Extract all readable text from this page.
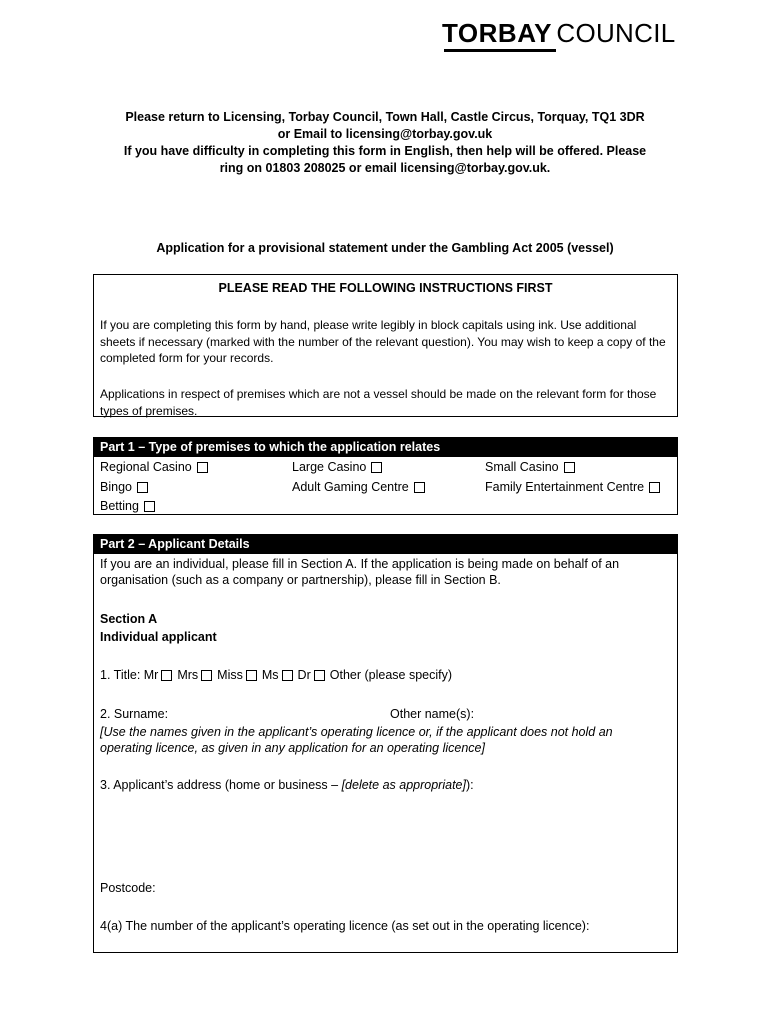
TORBAY COUNCIL
Please return to Licensing, Torbay Council, Town Hall, Castle Circus, Torquay, TQ1 3DR
or Email to licensing@torbay.gov.uk
If you have difficulty in completing this form in English, then help will be offered. Please
ring on 01803 208025 or email licensing@torbay.gov.uk.
Application for a provisional statement under the Gambling Act 2005 (vessel)
PLEASE READ THE FOLLOWING INSTRUCTIONS FIRST

If you are completing this form by hand, please write legibly in block capitals using ink. Use additional sheets if necessary (marked with the number of the relevant question). You may wish to keep a copy of the completed form for your records.

Applications in respect of premises which are not a vessel should be made on the relevant form for those types of premises.

Part 1 – Type of premises to which the application relates
Regional Casino	Large Casino	Small Casino
Bingo	Adult Gaming Centre	Family Entertainment Centre
Betting
Part 2 – Applicant Details
If you are an individual, please fill in Section A. If the application is being made on behalf of an
organisation (such as a company or partnership), please fill in Section B.
Section A
Individual applicant
1. Title: Mr Mrs Miss Ms Dr Other (please specify)
2. Surname:	Other name(s):
[Use the names given in the applicant’s operating licence or, if the applicant does not hold an
operating licence, as given in any application for an operating licence]
3. Applicant’s address (home or business – [delete as appropriate]):
Postcode:
4(a) The number of the applicant’s operating licence (as set out in the operating licence):
